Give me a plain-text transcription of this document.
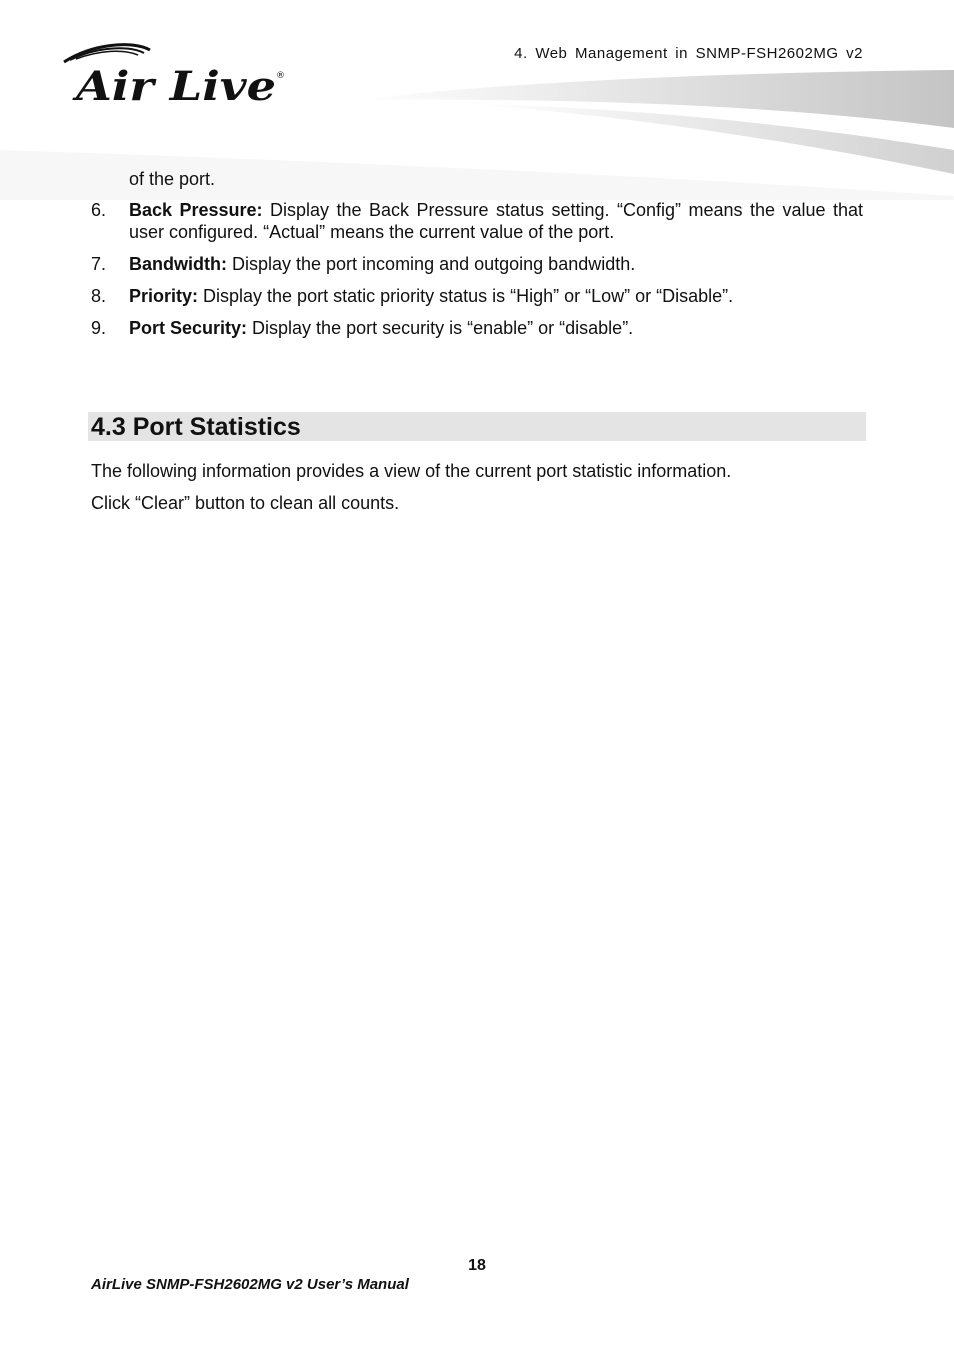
4. Web Management in SNMP-FSH2602MG v2
Air Live ®
of the port.
6.	Back Pressure: Display the Back Pressure status setting. “Config” means the value that user configured. “Actual” means the current value of the port.
7.	Bandwidth: Display the port incoming and outgoing bandwidth.
8.	Priority: Display the port static priority status is “High” or “Low” or “Disable”.
9.	Port Security: Display the port security is “enable” or “disable”.
4.3 Port Statistics

The following information provides a view of the current port statistic information.

Click “Clear” button to clean all counts.

18
AirLive SNMP-FSH2602MG v2 User’s Manual
